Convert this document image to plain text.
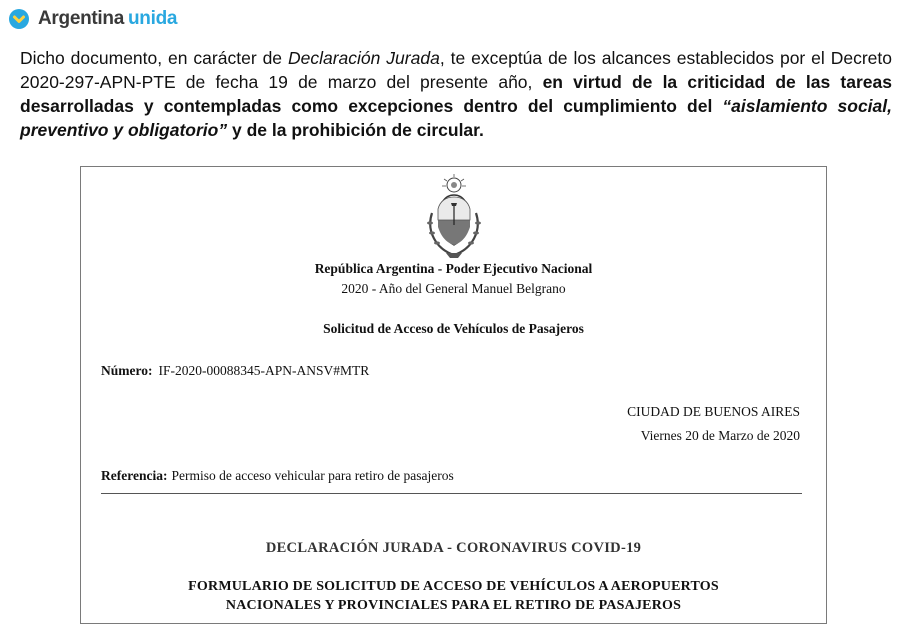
Argentina unida
Dicho documento, en carácter de Declaración Jurada, te exceptúa de los alcances establecidos por el Decreto 2020-297-APN-PTE de fecha 19 de marzo del presente año, en virtud de la criticidad de las tareas desarrolladas y contempladas como excepciones dentro del cumplimiento del “aislamiento social, preventivo y obligatorio” y de la prohibición de circular.
República Argentina - Poder Ejecutivo Nacional
2020 - Año del General Manuel Belgrano
Solicitud de Acceso de Vehículos de Pasajeros
Número: IF-2020-00088345-APN-ANSV#MTR
CIUDAD DE BUENOS AIRES
Viernes 20 de Marzo de 2020
Referencia: Permiso de acceso vehicular para retiro de pasajeros
DECLARACIÓN JURADA - CORONAVIRUS COVID-19
FORMULARIO DE SOLICITUD DE ACCESO DE VEHÍCULOS A AEROPUERTOS
NACIONALES Y PROVINCIALES PARA EL RETIRO DE PASAJEROS
